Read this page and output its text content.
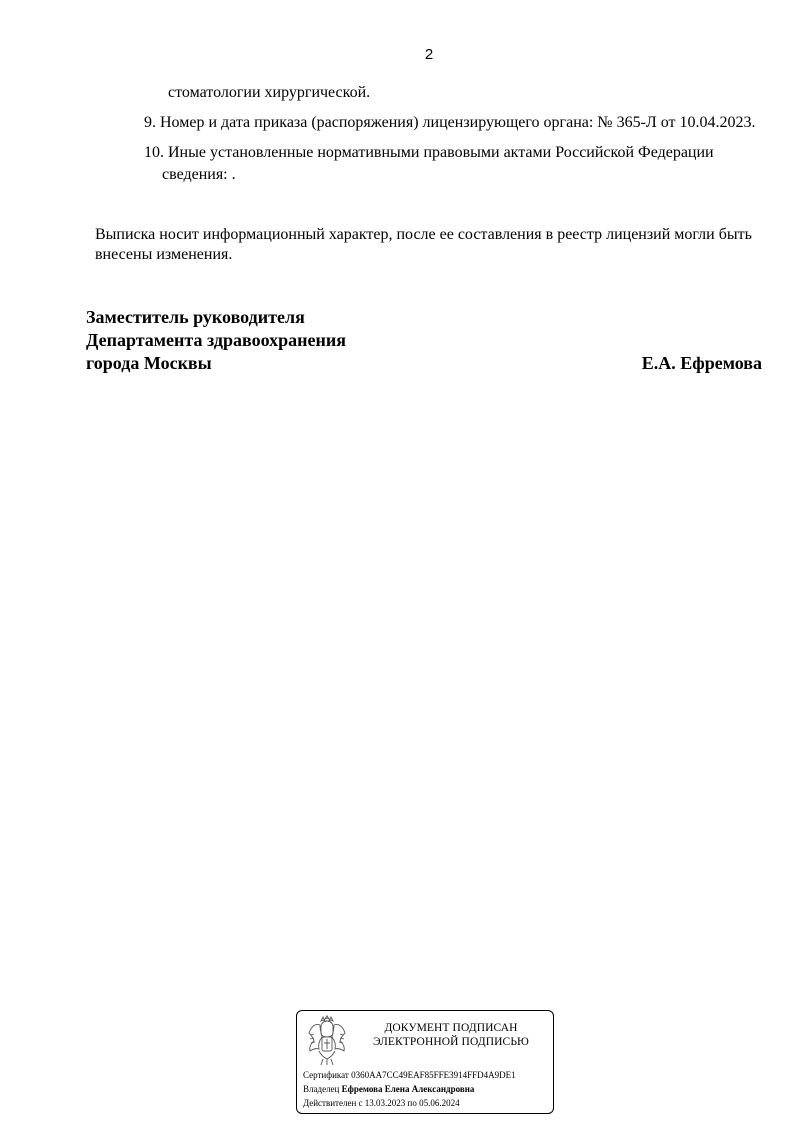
2
стоматологии хирургической.
9. Номер и дата приказа (распоряжения) лицензирующего органа: № 365-Л от 10.04.2023.
10. Иные установленные нормативными правовыми актами Российской Федерации
сведения: .
Выписка носит информационный характер, после ее составления в реестр лицензий могли быть
внесены изменения.
Заместитель руководителя
Департамента здравоохранения
города Москвы	Е.А. Ефремова
ДОКУМЕНТ ПОДПИСАН
ЭЛЕКТРОННОЙ ПОДПИСЬЮ
Сертификат 0360AA7CC49EAF85FFE3914FFD4A9DE1
Владелец Ефремова Елена Александровна
Действителен с 13.03.2023 по 05.06.2024
